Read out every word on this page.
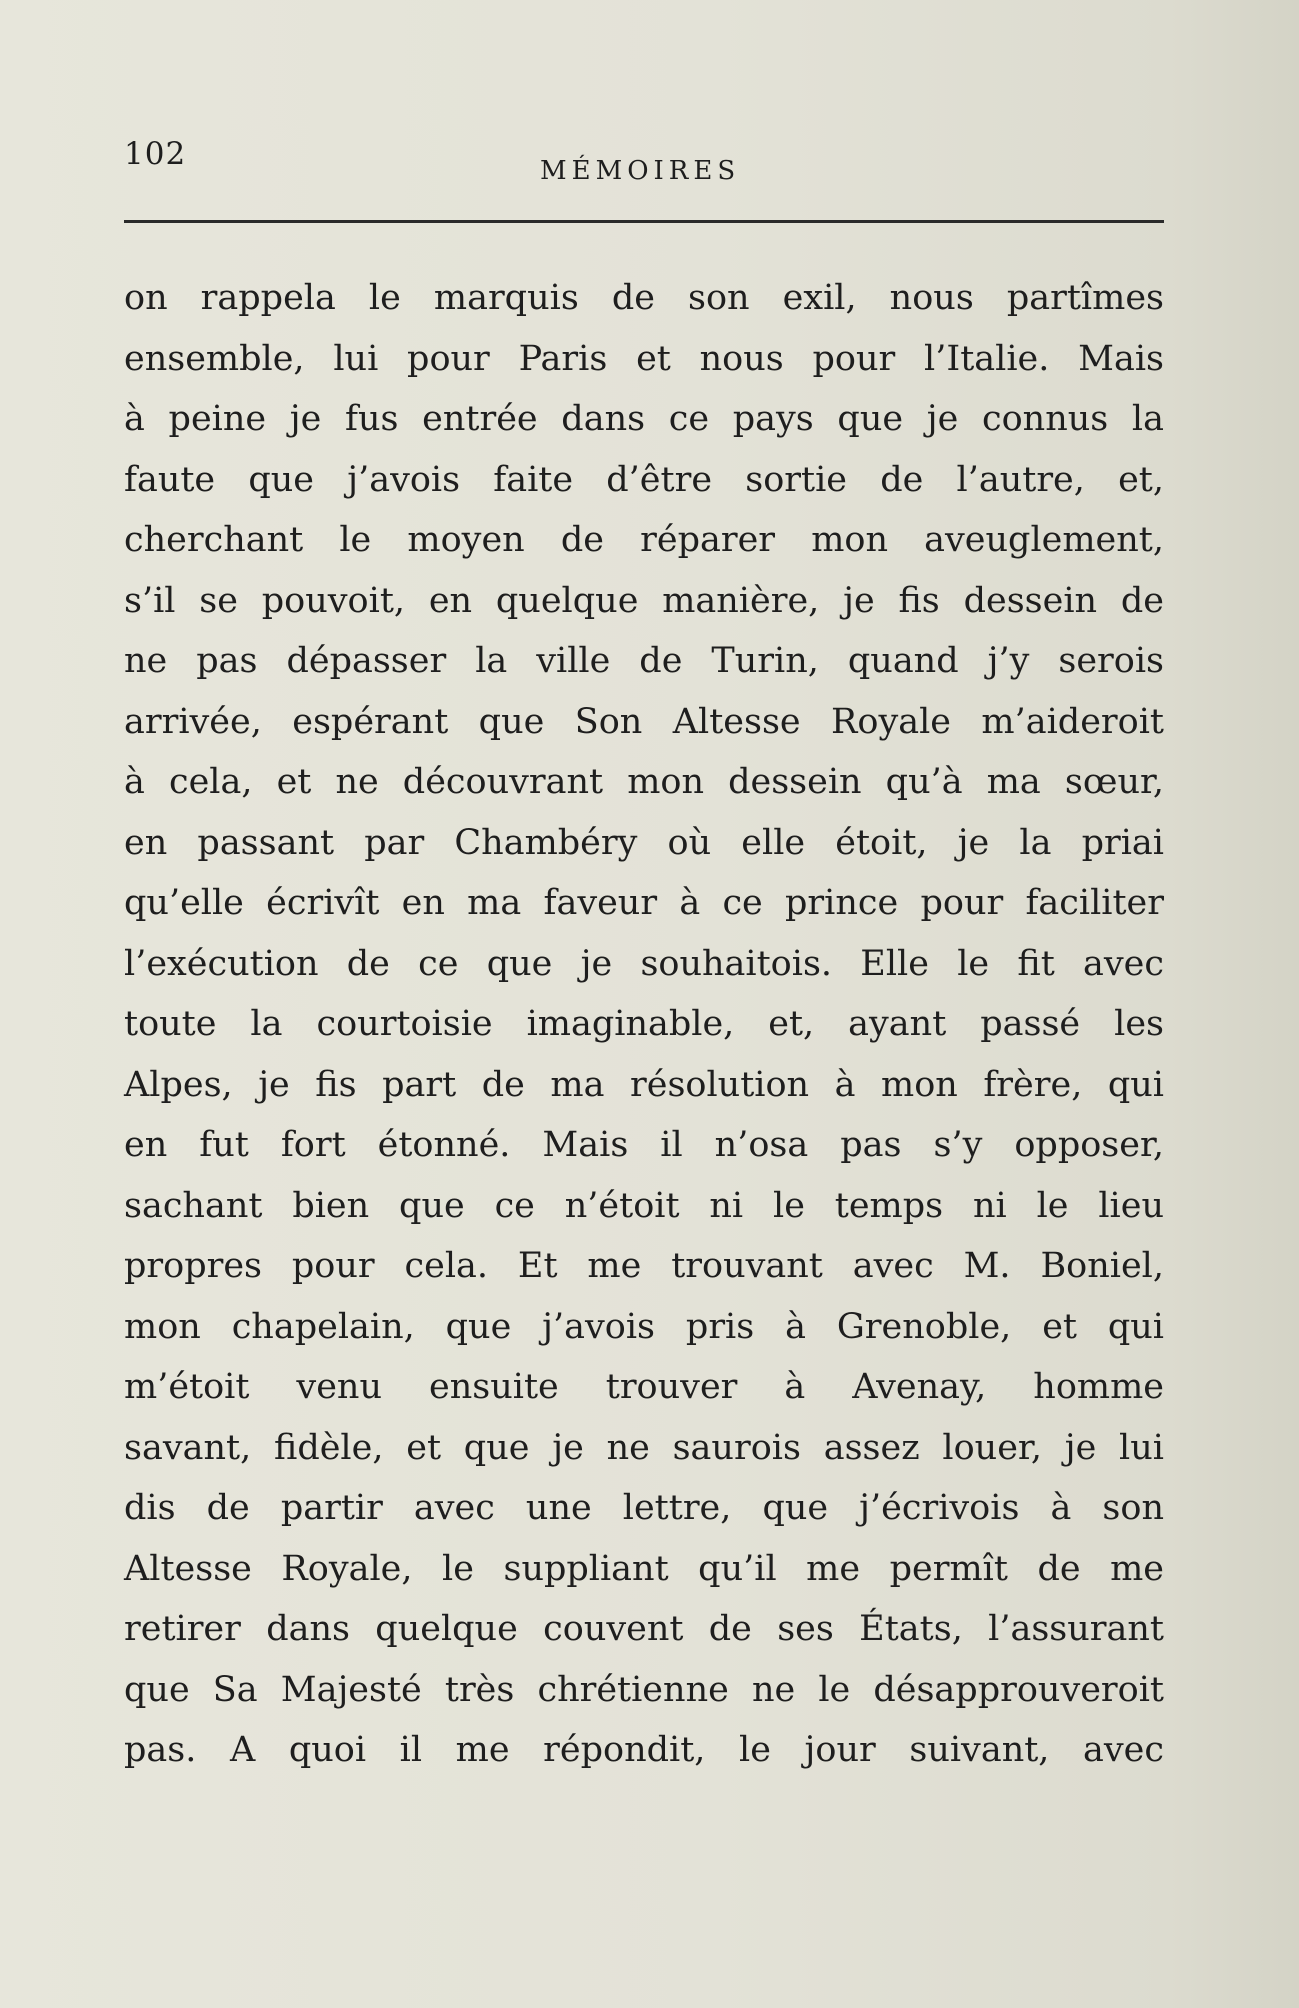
102	MÉMOIRES
on rappela le marquis de son exil, nous partîmes
ensemble, lui pour Paris et nous pour l’Italie. Mais
à peine je fus entrée dans ce pays que je connus la
faute que j’avois faite d’être sortie de l’autre, et,
cherchant le moyen de réparer mon aveuglement,
s’il se pouvoit, en quelque manière, je fis dessein de
ne pas dépasser la ville de Turin, quand j’y serois
arrivée, espérant que Son Altesse Royale m’aideroit
à cela, et ne découvrant mon dessein qu’à ma sœur,
en passant par Chambéry où elle étoit, je la priai
qu’elle écrivît en ma faveur à ce prince pour faciliter
l’exécution de ce que je souhaitois. Elle le fit avec
toute la courtoisie imaginable, et, ayant passé les
Alpes, je fis part de ma résolution à mon frère, qui
en fut fort étonné. Mais il n’osa pas s’y opposer,
sachant bien que ce n’étoit ni le temps ni le lieu
propres pour cela. Et me trouvant avec M. Boniel,
mon chapelain, que j’avois pris à Grenoble, et qui
m’étoit venu ensuite trouver à Avenay, homme
savant, fidèle, et que je ne saurois assez louer, je lui
dis de partir avec une lettre, que j’écrivois à son
Altesse Royale, le suppliant qu’il me permît de me
retirer dans quelque couvent de ses États, l’assurant
que Sa Majesté très chrétienne ne le désapprouveroit
pas. A quoi il me répondit, le jour suivant, avec
